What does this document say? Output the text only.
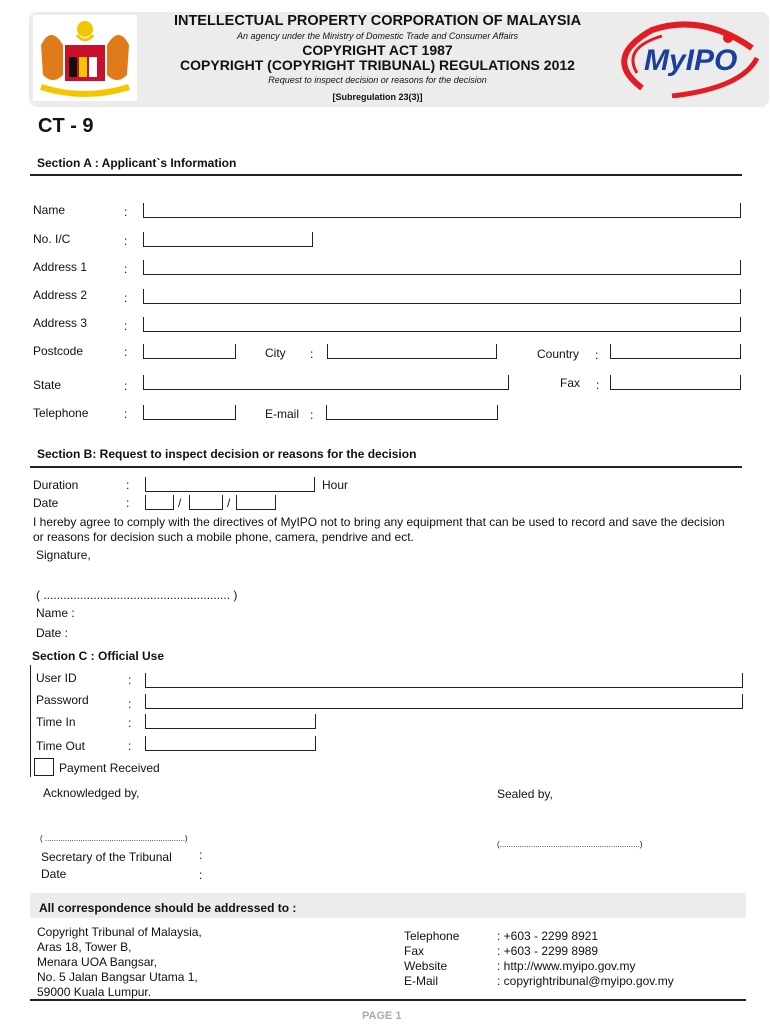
INTELLECTUAL PROPERTY CORPORATION OF MALAYSIA
An agency under the Ministry of Domestic Trade and Consumer Affairs
COPYRIGHT ACT 1987
COPYRIGHT (COPYRIGHT TRIBUNAL) REGULATIONS 2012
Request to inspect decision or reasons for the decision
[Subregulation 23(3)]
MyIPO
CT - 9
Section A : Applicant`s Information
Name	:
No. I/C	:
Address 1	:
Address 2	:
Address 3	:
Postcode	:	City :	Country :
State	:	Fax :
Telephone	:	E-mail :
Section B: Request to inspect decision or reasons for the decision
Duration	:	Hour
Date	:	/	/
I hereby agree to comply with the directives of MyIPO not to bring any equipment that can be used to record and save the decision or reasons for decision such a mobile phone, camera, pendrive and ect.
Signature,
( ........................................................ )
Name :
Date :
Section C : Official Use
User ID	:
Password	:
Time In	:
Time Out	:
Payment Received
Acknowledged by,	Sealed by,
( ...............................................................)
(...............................................................)
Secretary of the Tribunal :
Date	:
All correspondence should be addressed to :
Copyright Tribunal of Malaysia,
Aras 18, Tower B,
Menara UOA Bangsar,
No. 5 Jalan Bangsar Utama 1,
59000 Kuala Lumpur.
Telephone	: +603 - 2299 8921
Fax	: +603 - 2299 8989
Website	: http://www.myipo.gov.my
E-Mail	: copyrightribunal@myipo.gov.my
PAGE 1
